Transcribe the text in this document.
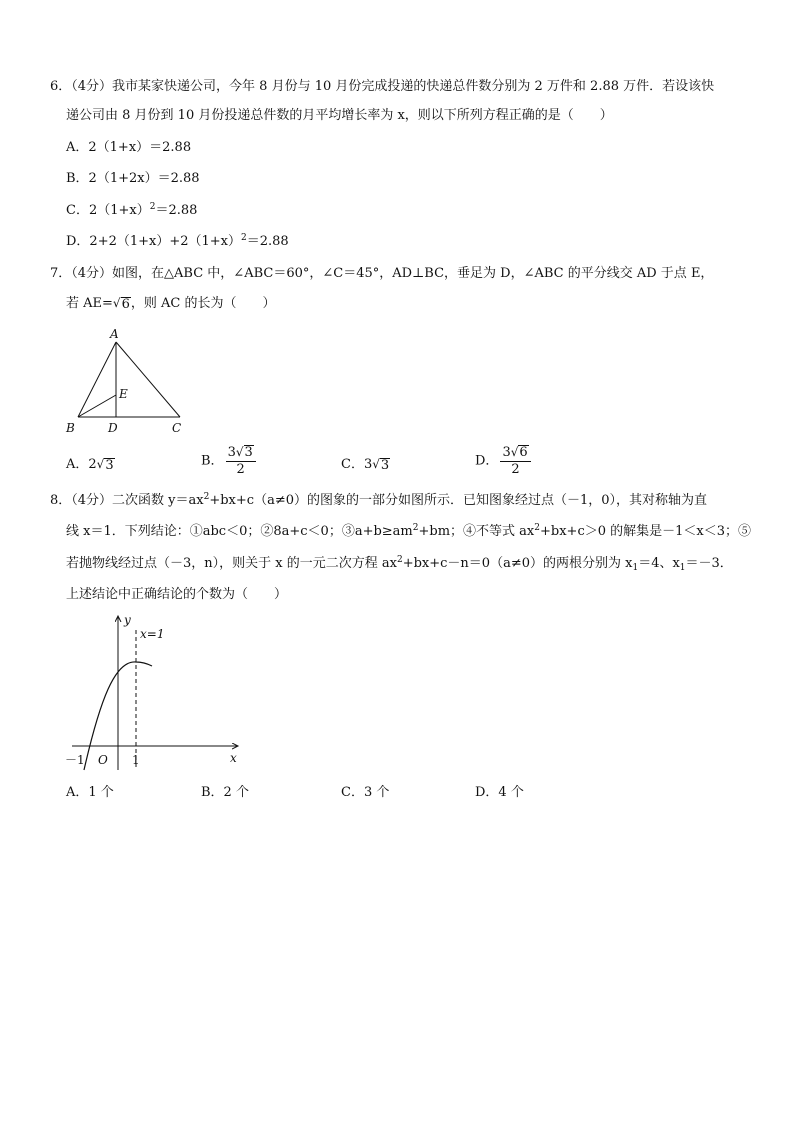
6．（4分）我市某家快递公司，今年 8 月份与 10 月份完成投递的快递总件数分别为 2 万件和 2.88 万件．若设该快
递公司由 8 月份到 10 月份投递总件数的月平均增长率为 x，则以下所列方程正确的是（　　）
A．2（1+x）＝2.88
B．2（1+2x）＝2.88
C．$2(1+x)^2=2.88$
D．$2+2(1+x)+2(1+x)^2=2.88$
7．（4分）如图，在△ABC 中，∠ABC＝60°，∠C＝45°，AD⊥BC，垂足为 D，∠ABC 的平分线交 AD 于点 E，
若 AE= √ 6 ，则 AC 的长为（　　）
A
B	C
D
E
A．2 √ 3	B． $\frac{3 √ 3}{2}$	C．3 √ 3	D． $\frac{3 √ 6}{2}$
8．（4分）二次函数 $y=ax^2+bx+c(a\ne 0)$的图象的一部分如图所示．已知图象经过点（－1，0），其对称轴为直
线 x＝1．下列结论：①abc＜0；②8a+c＜0；$③a+b\ge am^2+bm$；④不等式 $ax^2+bx+c>0$ 的解集是－1＜x＜3；⑤
若抛物线经过点（－3，n），则关于 x 的一元二次方程 $ax^2+bx+c-n=0(a\ne 0)$的两根分别为 $x_1=4$、$x_1=-3$．
上述结论中正确结论的个数为（　　）
y
x
x=1
－1 O 1
A．1 个	B．2 个	C．3 个	D．4 个
